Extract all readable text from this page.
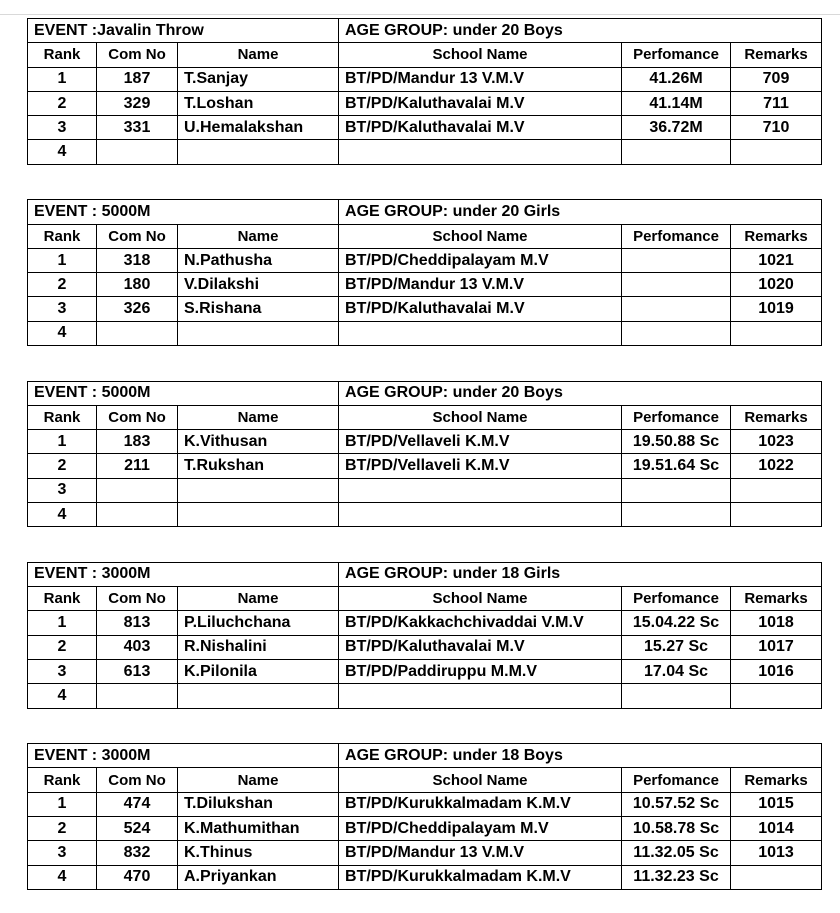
EVENT :Javalin Throw			AGE GROUP: under 20 Boys		
Rank	Com No	Name	School Name	Perfomance	Remarks
1	187	T.Sanjay	BT/PD/Mandur 13 V.M.V	41.26M	709
2	329	T.Loshan	BT/PD/Kaluthavalai M.V	41.14M	711
3	331	U.Hemalakshan	BT/PD/Kaluthavalai M.V	36.72M	710
4					
EVENT : 5000M			AGE GROUP: under 20 Girls		
Rank	Com No	Name	School Name	Perfomance	Remarks
1	318	N.Pathusha	BT/PD/Cheddipalayam M.V		1021
2	180	V.Dilakshi	BT/PD/Mandur 13 V.M.V		1020
3	326	S.Rishana	BT/PD/Kaluthavalai M.V		1019
4					
EVENT : 5000M			AGE GROUP: under 20 Boys		
Rank	Com No	Name	School Name	Perfomance	Remarks
1	183	K.Vithusan	BT/PD/Vellaveli K.M.V	19.50.88 Sc	1023
2	211	T.Rukshan	BT/PD/Vellaveli K.M.V	19.51.64 Sc	1022
3					
4					
EVENT : 3000M			AGE GROUP: under 18 Girls		
Rank	Com No	Name	School Name	Perfomance	Remarks
1	813	P.Liluchchana	BT/PD/Kakkachchivaddai V.M.V	15.04.22 Sc	1018
2	403	R.Nishalini	BT/PD/Kaluthavalai M.V	15.27 Sc	1017
3	613	K.Pilonila	BT/PD/Paddiruppu M.M.V	17.04 Sc	1016
4					
EVENT : 3000M			AGE GROUP: under 18 Boys		
Rank	Com No	Name	School Name	Perfomance	Remarks
1	474	T.Dilukshan	BT/PD/Kurukkalmadam K.M.V	10.57.52 Sc	1015
2	524	K.Mathumithan	BT/PD/Cheddipalayam M.V	10.58.78 Sc	1014
3	832	K.Thinus	BT/PD/Mandur 13 V.M.V	11.32.05 Sc	1013
4	470	A.Priyankan	BT/PD/Kurukkalmadam K.M.V	11.32.23 Sc	
